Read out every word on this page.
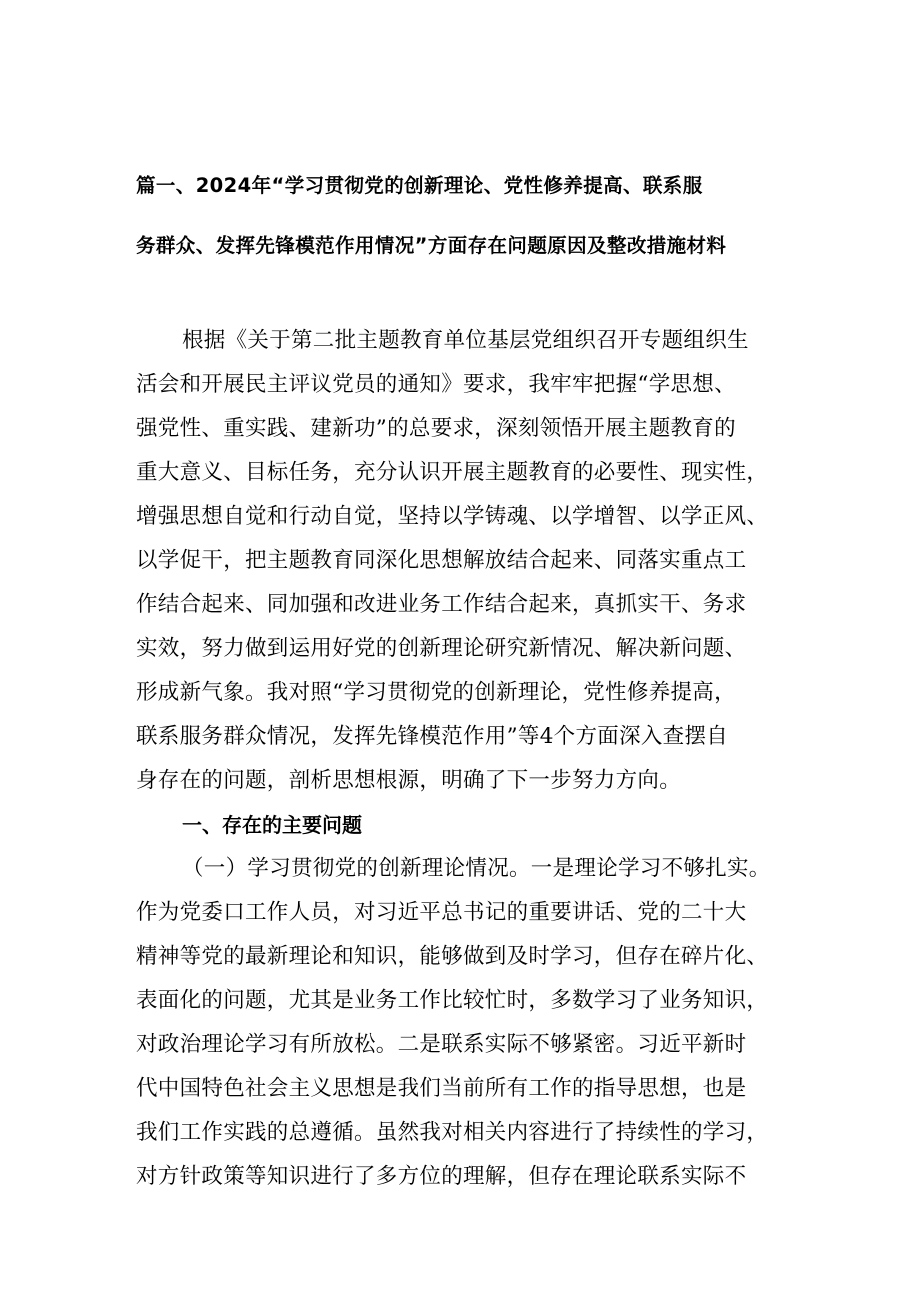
篇一、2024年“学习贯彻党的创新理论、党性修养提高、联系服

务群众、发挥先锋模范作用情况”方面存在问题原因及整改措施材料

根据《关于第二批主题教育单位基层党组织召开专题组织生

活会和开展民主评议党员的通知》要求，我牢牢把握“学思想、

强党性、重实践、建新功”的总要求，深刻领悟开展主题教育的

重大意义、目标任务，充分认识开展主题教育的必要性、现实性，

增强思想自觉和行动自觉，坚持以学铸魂、以学增智、以学正风、

以学促干，把主题教育同深化思想解放结合起来、同落实重点工

作结合起来、同加强和改进业务工作结合起来，真抓实干、务求

实效，努力做到运用好党的创新理论研究新情况、解决新问题、

形成新气象。我对照“学习贯彻党的创新理论，党性修养提高，

联系服务群众情况，发挥先锋模范作用”等4个方面深入查摆自

身存在的问题，剖析思想根源，明确了下一步努力方向。

一、存在的主要问题

（一）学习贯彻党的创新理论情况。一是理论学习不够扎实。

作为党委口工作人员，对习近平总书记的重要讲话、党的二十大

精神等党的最新理论和知识，能够做到及时学习，但存在碎片化、

表面化的问题，尤其是业务工作比较忙时，多数学习了业务知识，

对政治理论学习有所放松。二是联系实际不够紧密。习近平新时

代中国特色社会主义思想是我们当前所有工作的指导思想，也是

我们工作实践的总遵循。虽然我对相关内容进行了持续性的学习，

对方针政策等知识进行了多方位的理解，但存在理论联系实际不
